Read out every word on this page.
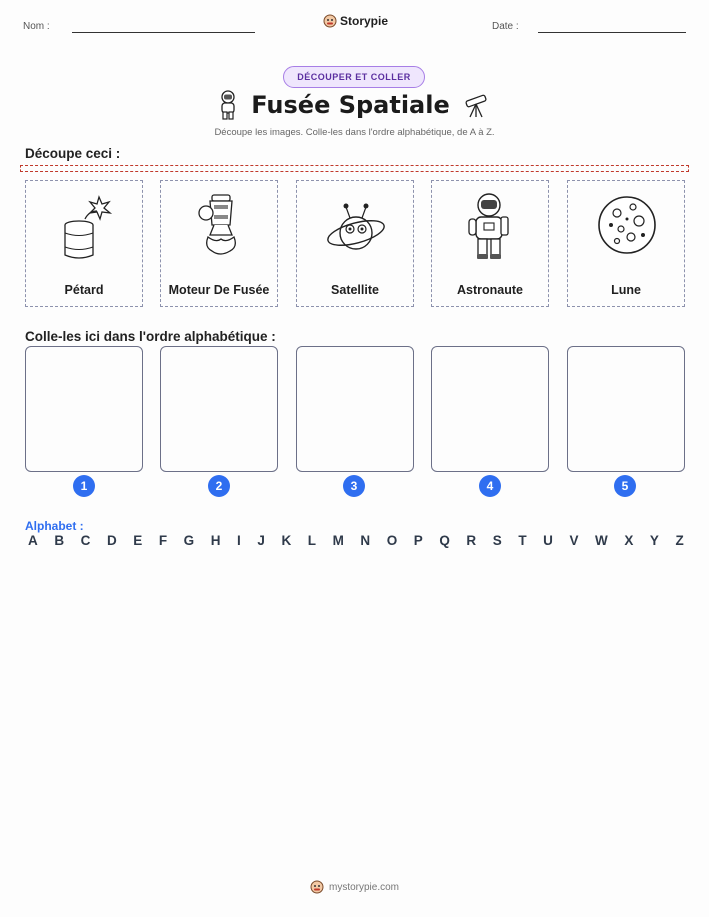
Nom :	Storypie	Date :
DÉCOUPER ET COLLER
Fusée Spatiale
Découpe les images. Colle-les dans l'ordre alphabétique, de A à Z.
Découpe ceci :
Pétard	Moteur De Fusée	Satellite	Astronaute	Lune
Colle-les ici dans l'ordre alphabétique :
1	2	3	4	5
Alphabet :
A B C D E F G H I J K L M N O P Q R S T U V W X Y Z
mystorypie.com
